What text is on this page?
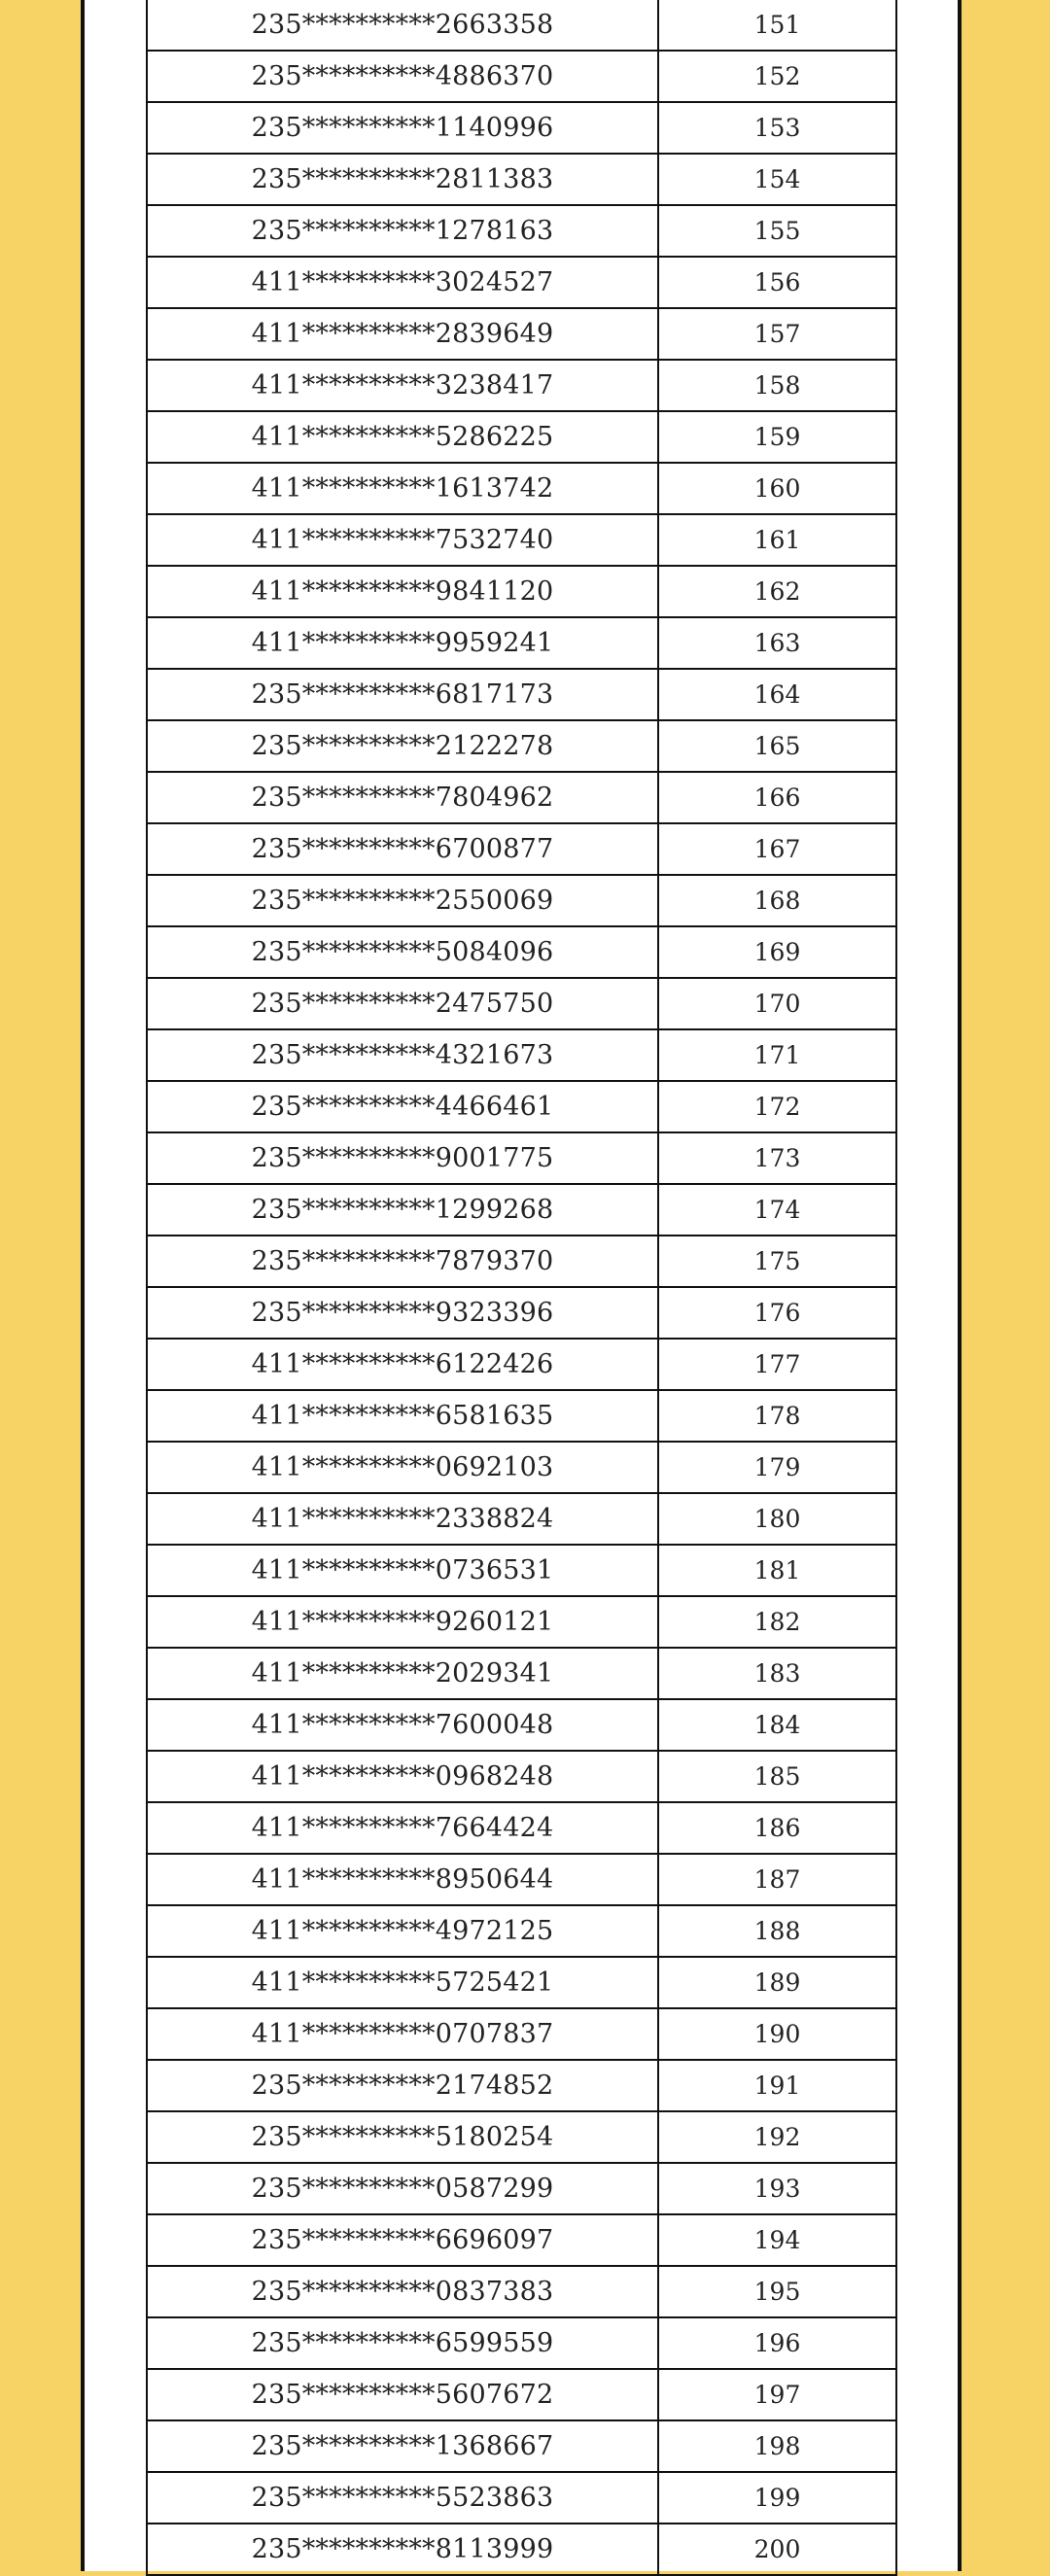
235**********2663358	151
235**********4886370	152
235**********1140996	153
235**********2811383	154
235**********1278163	155
411**********3024527	156
411**********2839649	157
411**********3238417	158
411**********5286225	159
411**********1613742	160
411**********7532740	161
411**********9841120	162
411**********9959241	163
235**********6817173	164
235**********2122278	165
235**********7804962	166
235**********6700877	167
235**********2550069	168
235**********5084096	169
235**********2475750	170
235**********4321673	171
235**********4466461	172
235**********9001775	173
235**********1299268	174
235**********7879370	175
235**********9323396	176
411**********6122426	177
411**********6581635	178
411**********0692103	179
411**********2338824	180
411**********0736531	181
411**********9260121	182
411**********2029341	183
411**********7600048	184
411**********0968248	185
411**********7664424	186
411**********8950644	187
411**********4972125	188
411**********5725421	189
411**********0707837	190
235**********2174852	191
235**********5180254	192
235**********0587299	193
235**********6696097	194
235**********0837383	195
235**********6599559	196
235**********5607672	197
235**********1368667	198
235**********5523863	199
235**********8113999	200
